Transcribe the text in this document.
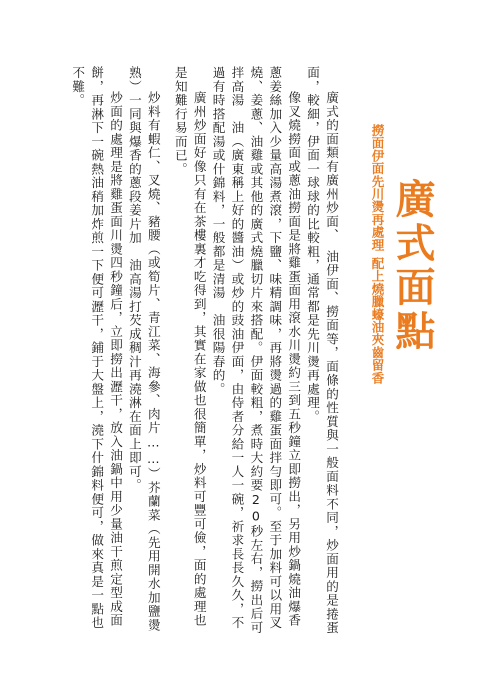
廣式面點
撈面伊面先川燙再處理配上燒臘蠔油夾齒留香

廣式的面類有廣州炒面、　油伊面、撈面等，面條的性質與一般面料不同，炒面用的是捲蛋面，較細，伊面一球球的比較粗，通常都是先川燙再處理。

像叉燒撈面或蔥油撈面是將雞蛋面用滾水川燙約三到五秒鐘立即撈出，另用炒鍋燒油爆香蔥姜絲加入少量高湯煮滾，下鹽、味精調味，再將燙過的雞蛋面拌勻即可。至于加料可以用叉燒、姜蔥、油雞或其他的廣式燒臘切片來搭配。伊面較粗，煮時大約要20秒左右，撈出后可拌高湯　油（廣東稱上好的醬油）或炒的豉油伊面，由侍者分給一人一碗，祈求長長久久，不過有時搭配湯或什錦料，一般都是清湯　油很陽春的。

廣州炒面好像只有在茶樓裏才吃得到，其實在家做也很簡單，炒料可豐可儉，面的處理也是知難行易而已。

炒料有蝦仁、叉燒、豬腰（或筍片、青江菜、海參、肉片……）芥蘭菜（先用開水加鹽燙熟）一同與爆香的蔥段姜片加　油高湯打芡成稠汁再澆淋在面上即可。

炒面的處理是將雞蛋面川燙四秒鐘后，立即撈出瀝干，放入油鍋中用少量油干煎定型成面餅，再淋下一碗熱油稍加炸煎一下便可瀝干，鋪于大盤上，澆下什錦料便可，做來真是一點也不難。
